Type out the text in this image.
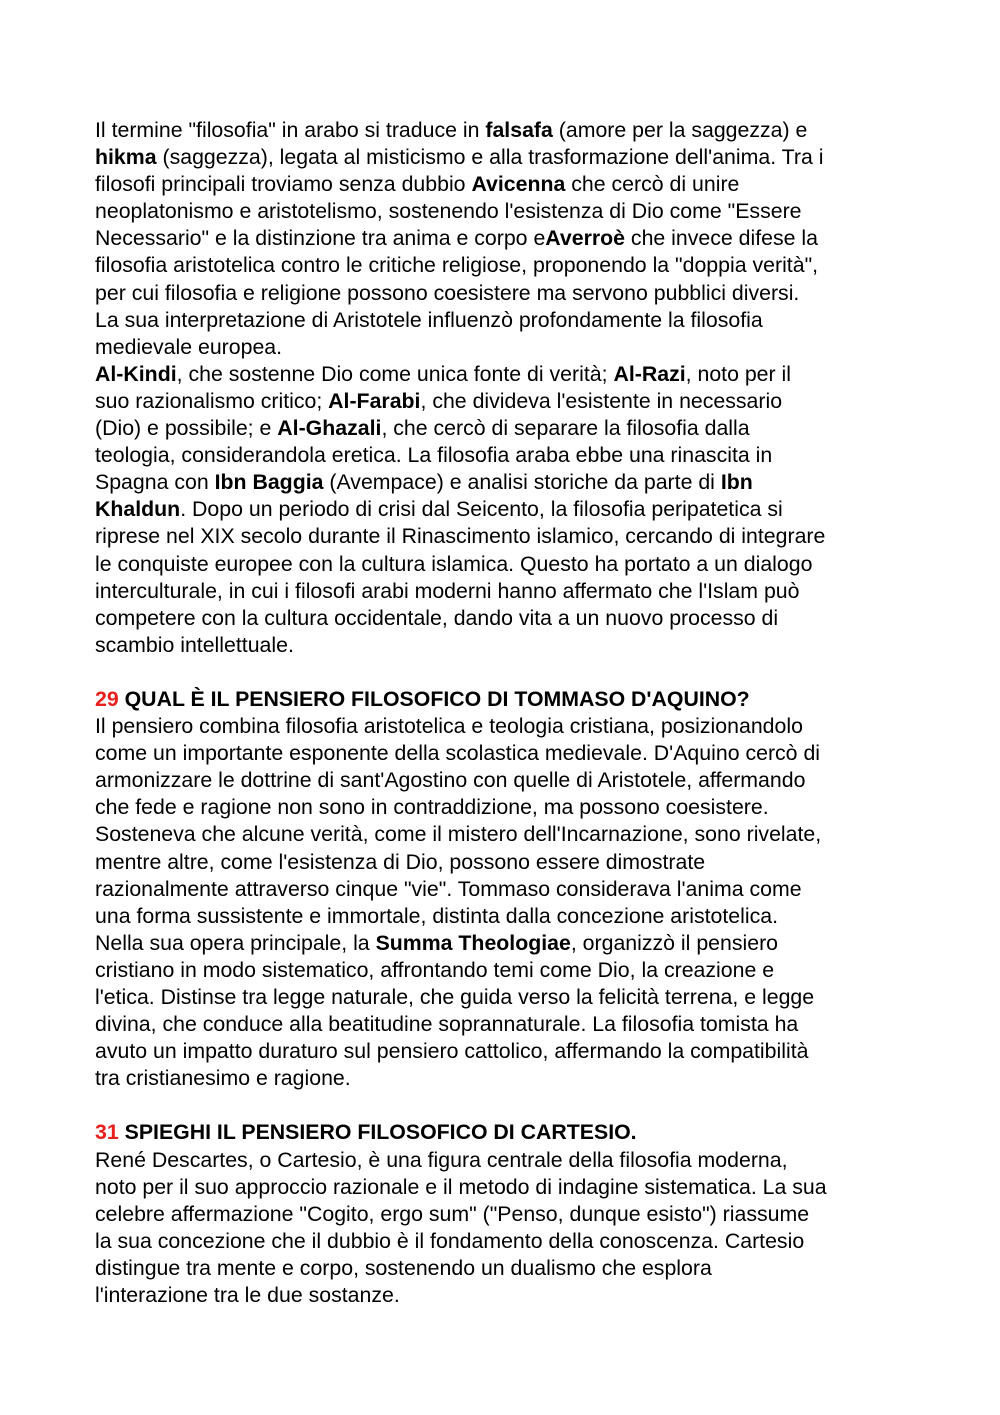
Il termine "filosofia" in arabo si traduce in falsafa (amore per la saggezza) e
hikma (saggezza), legata al misticismo e alla trasformazione dell'anima. Tra i
filosofi principali troviamo senza dubbio Avicenna che cercò di unire
neoplatonismo e aristotelismo, sostenendo l'esistenza di Dio come "Essere
Necessario" e la distinzione tra anima e corpo eAverroè che invece difese la
filosofia aristotelica contro le critiche religiose, proponendo la "doppia verità",
per cui filosofia e religione possono coesistere ma servono pubblici diversi.
La sua interpretazione di Aristotele influenzò profondamente la filosofia
medievale europea.
Al-Kindi, che sostenne Dio come unica fonte di verità; Al-Razi, noto per il
suo razionalismo critico; Al-Farabi, che divideva l'esistente in necessario
(Dio) e possibile; e Al-Ghazali, che cercò di separare la filosofia dalla
teologia, considerandola eretica. La filosofia araba ebbe una rinascita in
Spagna con Ibn Baggia (Avempace) e analisi storiche da parte di Ibn
Khaldun. Dopo un periodo di crisi dal Seicento, la filosofia peripatetica si
riprese nel XIX secolo durante il Rinascimento islamico, cercando di integrare
le conquiste europee con la cultura islamica. Questo ha portato a un dialogo
interculturale, in cui i filosofi arabi moderni hanno affermato che l'Islam può
competere con la cultura occidentale, dando vita a un nuovo processo di
scambio intellettuale.
29 QUAL È IL PENSIERO FILOSOFICO DI TOMMASO D'AQUINO?
Il pensiero combina filosofia aristotelica e teologia cristiana, posizionandolo
come un importante esponente della scolastica medievale. D'Aquino cercò di
armonizzare le dottrine di sant'Agostino con quelle di Aristotele, affermando
che fede e ragione non sono in contraddizione, ma possono coesistere.
Sosteneva che alcune verità, come il mistero dell'Incarnazione, sono rivelate,
mentre altre, come l'esistenza di Dio, possono essere dimostrate
razionalmente attraverso cinque "vie". Tommaso considerava l'anima come
una forma sussistente e immortale, distinta dalla concezione aristotelica.
Nella sua opera principale, la Summa Theologiae, organizzò il pensiero
cristiano in modo sistematico, affrontando temi come Dio, la creazione e
l'etica. Distinse tra legge naturale, che guida verso la felicità terrena, e legge
divina, che conduce alla beatitudine soprannaturale. La filosofia tomista ha
avuto un impatto duraturo sul pensiero cattolico, affermando la compatibilità
tra cristianesimo e ragione.
31 SPIEGHI IL PENSIERO FILOSOFICO DI CARTESIO.
René Descartes, o Cartesio, è una figura centrale della filosofia moderna,
noto per il suo approccio razionale e il metodo di indagine sistematica. La sua
celebre affermazione "Cogito, ergo sum" ("Penso, dunque esisto") riassume
la sua concezione che il dubbio è il fondamento della conoscenza. Cartesio
distingue tra mente e corpo, sostenendo un dualismo che esplora
l'interazione tra le due sostanze.
